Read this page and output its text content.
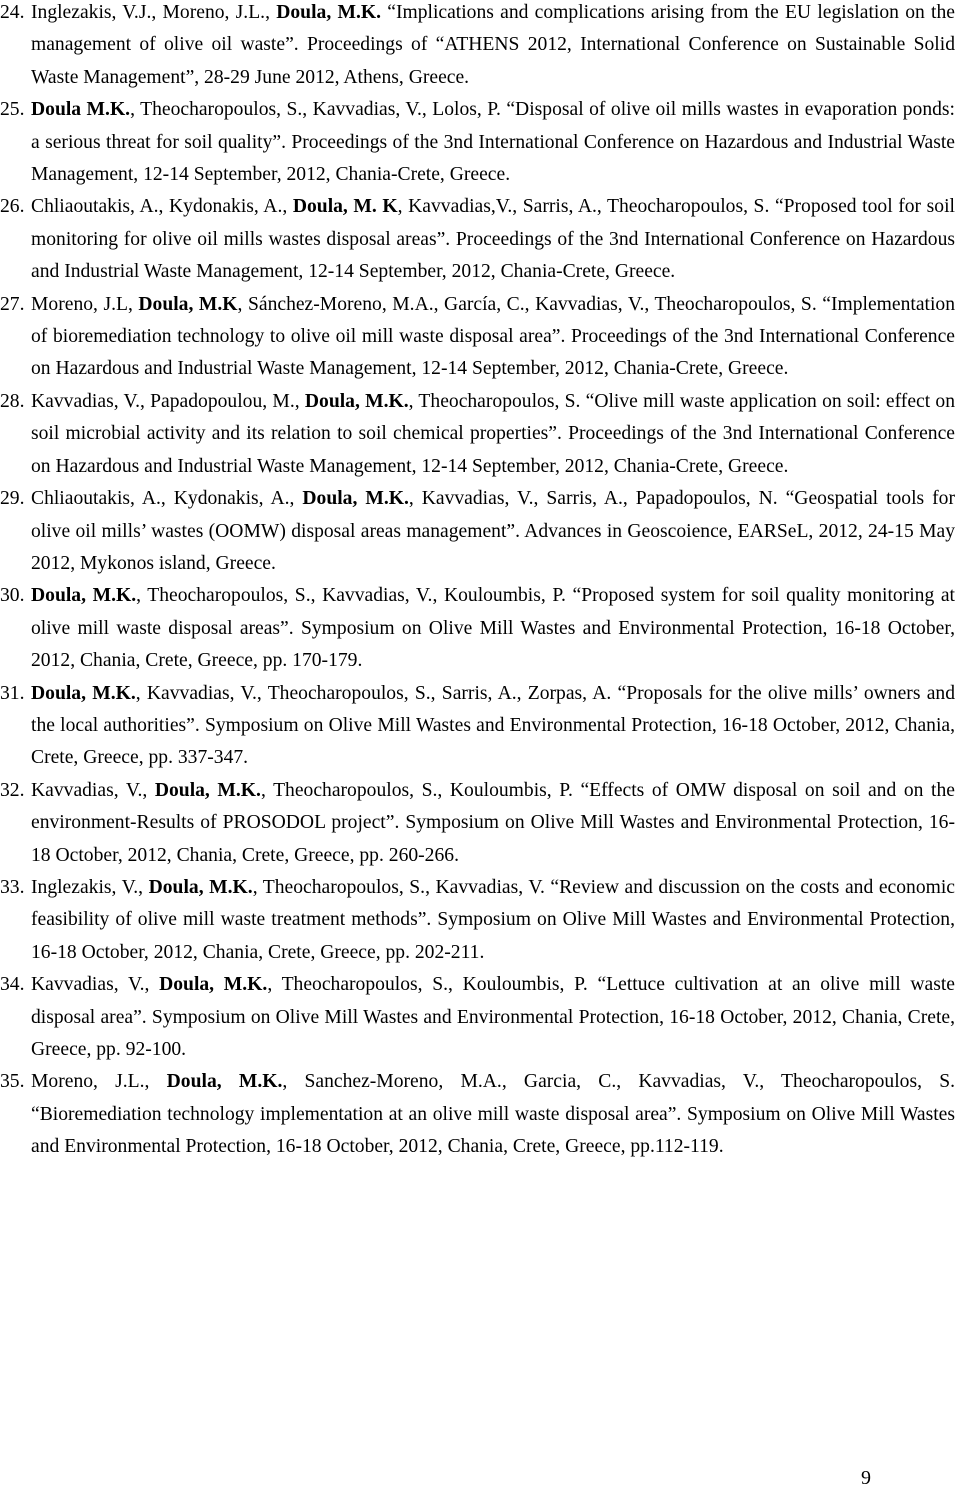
24.Inglezakis, V.J., Moreno, J.L., Doula, M.K. “Implications and complications arising from the EU legislation on the management of olive oil waste”. Proceedings of “ATHENS 2012, International Conference on Sustainable Solid Waste Management”, 28-29 June 2012, Athens, Greece.
25.Doula M.K., Theocharopoulos, S., Kavvadias, V., Lolos, P. “Disposal of olive oil mills wastes in evaporation ponds: a serious threat for soil quality”. Proceedings of the 3nd International Conference on Hazardous and Industrial Waste Management, 12-14 September, 2012, Chania-Crete, Greece.
26.Chliaoutakis, A., Kydonakis, A., Doula, M. K, Kavvadias,V., Sarris, A., Theocharopoulos, S. “Proposed tool for soil monitoring for olive oil mills wastes disposal areas”. Proceedings of the 3nd International Conference on Hazardous and Industrial Waste Management, 12-14 September, 2012, Chania-Crete, Greece.
27.Moreno, J.L, Doula, M.K, Sánchez-Moreno, M.A., García, C., Kavvadias, V., Theocharopoulos, S. “Implementation of bioremediation technology to olive oil mill waste disposal area”. Proceedings of the 3nd International Conference on Hazardous and Industrial Waste Management, 12-14 September, 2012, Chania-Crete, Greece.
28.Kavvadias, V., Papadopoulou, M., Doula, M.K., Theocharopoulos, S. “Olive mill waste application on soil: effect on soil microbial activity and its relation to soil chemical properties”. Proceedings of the 3nd International Conference on Hazardous and Industrial Waste Management, 12-14 September, 2012, Chania-Crete, Greece.
29.Chliaoutakis, A., Kydonakis, A., Doula, M.K., Kavvadias, V., Sarris, A., Papadopoulos, N. “Geospatial tools for olive oil mills’ wastes (OOMW) disposal areas management”. Advances in Geoscoience, EARSeL, 2012, 24-15 May 2012, Mykonos island, Greece.
30.Doula, M.K., Theocharopoulos, S., Kavvadias, V., Kouloumbis, P. “Proposed system for soil quality monitoring at olive mill waste disposal areas”. Symposium on Olive Mill Wastes and Environmental Protection, 16-18 October, 2012, Chania, Crete, Greece, pp. 170-179.
31.Doula, M.K., Kavvadias, V., Theocharopoulos, S., Sarris, A., Zorpas, A. “Proposals for the olive mills’ owners and the local authorities”. Symposium on Olive Mill Wastes and Environmental Protection, 16-18 October, 2012, Chania, Crete, Greece, pp. 337-347.
32.Kavvadias, V., Doula, M.K., Theocharopoulos, S., Kouloumbis, P. “Effects of OMW disposal on soil and on the environment-Results of PROSODOL project”. Symposium on Olive Mill Wastes and Environmental Protection, 16-18 October, 2012, Chania, Crete, Greece, pp. 260-266.
33.Inglezakis, V., Doula, M.K., Theocharopoulos, S., Kavvadias, V. “Review and discussion on the costs and economic feasibility of olive mill waste treatment methods”. Symposium on Olive Mill Wastes and Environmental Protection, 16-18 October, 2012, Chania, Crete, Greece, pp. 202-211.
34.Kavvadias, V., Doula, M.K., Theocharopoulos, S., Kouloumbis, P. “Lettuce cultivation at an olive mill waste disposal area”. Symposium on Olive Mill Wastes and Environmental Protection, 16-18 October, 2012, Chania, Crete, Greece, pp. 92-100.
35.Moreno, J.L., Doula, M.K., Sanchez-Moreno, M.A., Garcia, C., Kavvadias, V., Theocharopoulos, S. “Bioremediation technology implementation at an olive mill waste disposal area”. Symposium on Olive Mill Wastes and Environmental Protection, 16-18 October, 2012, Chania, Crete, Greece, pp.112-119.
9
